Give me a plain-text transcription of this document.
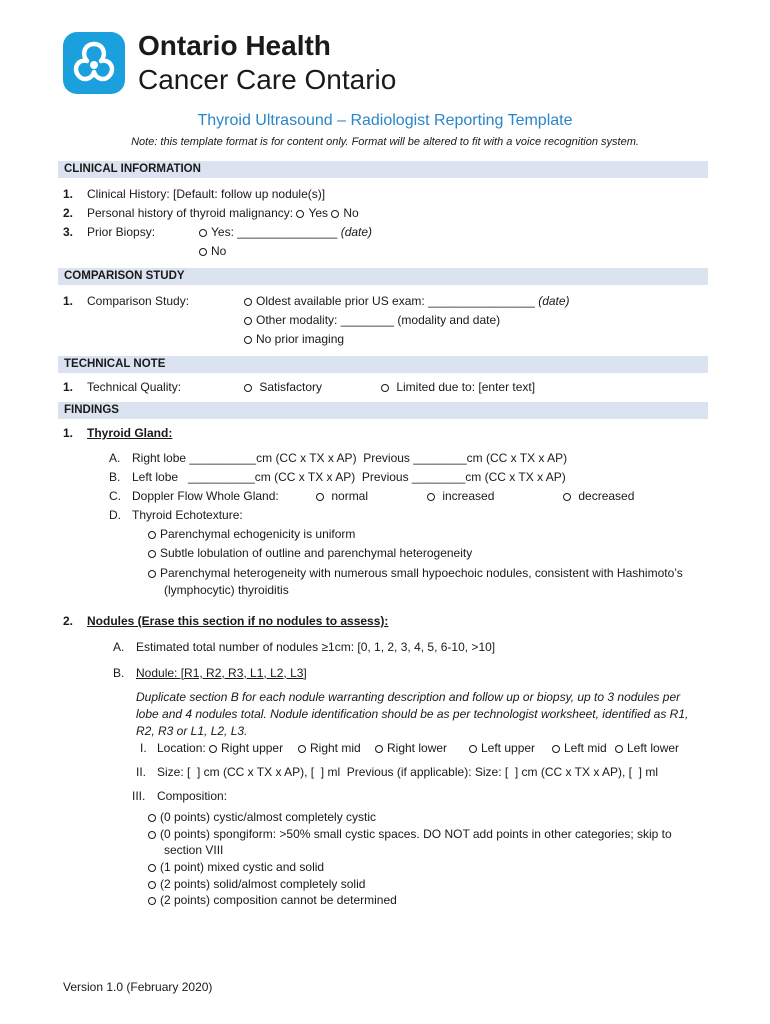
Ontario Health
Cancer Care Ontario
Thyroid Ultrasound – Radiologist Reporting Template
Note: this template format is for content only. Format will be altered to fit with a voice recognition system.
CLINICAL INFORMATION
1. Clinical History: [Default: follow up nodule(s)]
2. Personal history of thyroid malignancy: Yes No
3. Prior Biopsy:	Yes: _______________ (date)
No
COMPARISON STUDY
1. Comparison Study:	Oldest available prior US exam: ________________ (date)
Other modality: ________ (modality and date)
No prior imaging
TECHNICAL NOTE
1. Technical Quality:	Satisfactory	Limited due to: [enter text]
FINDINGS
1. Thyroid Gland:
A. Right lobe __________cm (CC x TX x AP)  Previous ________cm (CC x TX x AP)
B. Left lobe   __________cm (CC x TX x AP)  Previous ________cm (CC x TX x AP)
C. Doppler Flow Whole Gland:	normal	increased	decreased
D. Thyroid Echotexture:
Parenchymal echogenicity is uniform
Subtle lobulation of outline and parenchymal heterogeneity
Parenchymal heterogeneity with numerous small hypoechoic nodules, consistent with Hashimoto’s
(lymphocytic) thyroiditis
2. Nodules (Erase this section if no nodules to assess):
A. Estimated total number of nodules ≥1cm: [0, 1, 2, 3, 4, 5, 6-10, >10]
B. Nodule: [R1, R2, R3, L1, L2, L3]
Duplicate section B for each nodule warranting description and follow up or biopsy, up to 3 nodules per lobe and 4 nodules total. Nodule identification should be as per technologist worksheet, identified as R1, R2, R3 or L1, L2, L3.
I. Location: Right upper	Right mid	Right lower	Left upper	Left mid	Left lower
II. Size: [  ] cm (CC x TX x AP), [  ] ml  Previous (if applicable): Size: [  ] cm (CC x TX x AP), [  ] ml
III. Composition:
(0 points) cystic/almost completely cystic
(0 points) spongiform: >50% small cystic spaces. DO NOT add points in other categories; skip to
section VIII
(1 point) mixed cystic and solid
(2 points) solid/almost completely solid
(2 points) composition cannot be determined
Version 1.0 (February 2020)
